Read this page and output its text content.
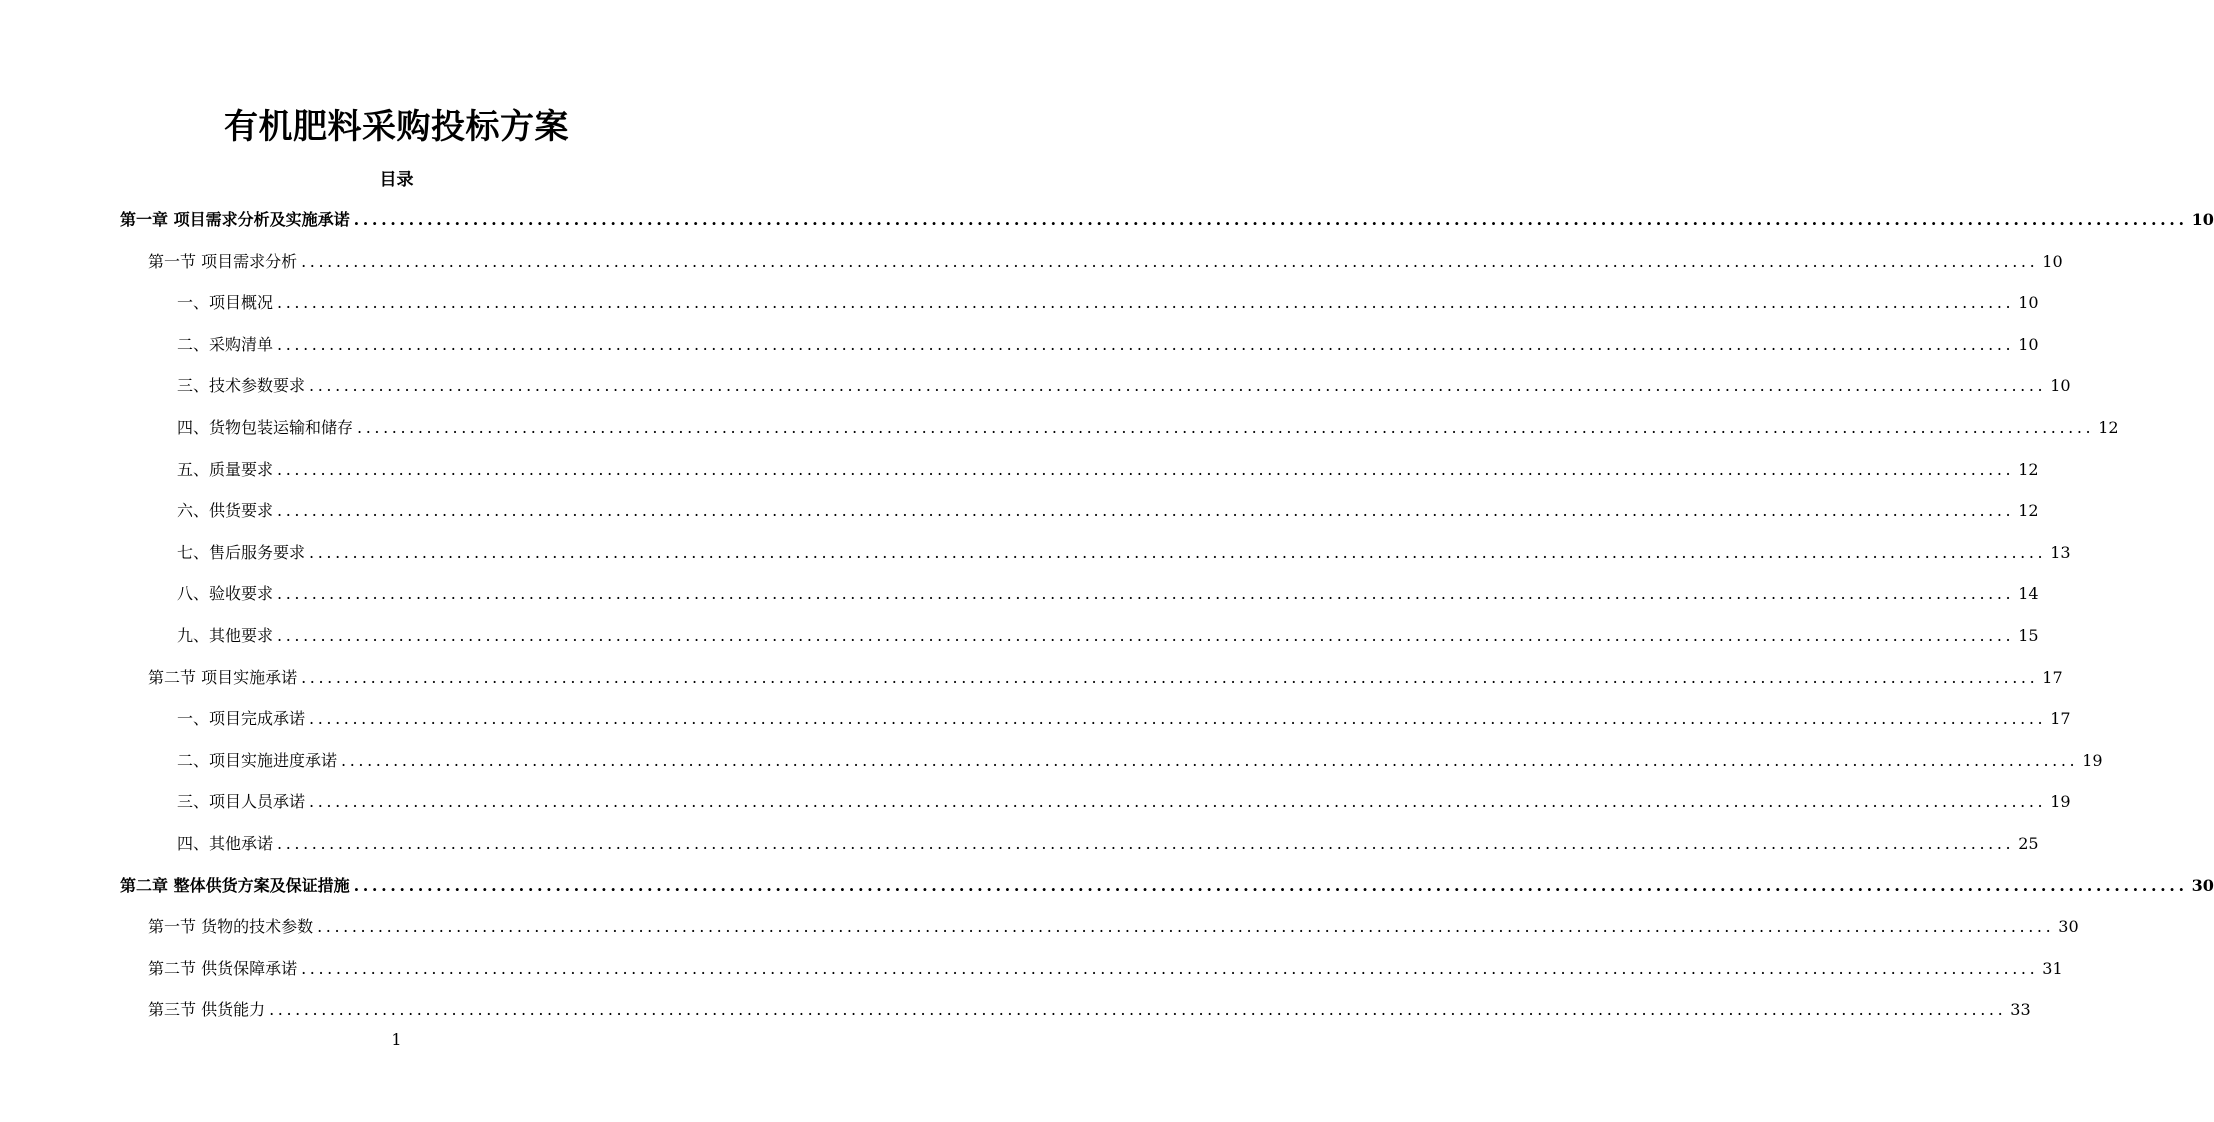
有机肥料采购投标方案
目录
第一章 项目需求分析及实施承诺 ........................................................................................................................................................................................................ 10
第一节 项目需求分析 ........................................................................................................................................................................................................ 10
一、项目概况 ........................................................................................................................................................................................................ 10
二、采购清单 ........................................................................................................................................................................................................ 10
三、技术参数要求 ........................................................................................................................................................................................................ 10
四、货物包装运输和储存 ........................................................................................................................................................................................................ 12
五、质量要求 ........................................................................................................................................................................................................ 12
六、供货要求 ........................................................................................................................................................................................................ 12
七、售后服务要求 ........................................................................................................................................................................................................ 13
八、验收要求 ........................................................................................................................................................................................................ 14
九、其他要求 ........................................................................................................................................................................................................ 15
第二节 项目实施承诺 ........................................................................................................................................................................................................ 17
一、项目完成承诺 ........................................................................................................................................................................................................ 17
二、项目实施进度承诺 ........................................................................................................................................................................................................ 19
三、项目人员承诺 ........................................................................................................................................................................................................ 19
四、其他承诺 ........................................................................................................................................................................................................ 25
第二章 整体供货方案及保证措施 ........................................................................................................................................................................................................ 30
第一节 货物的技术参数 ........................................................................................................................................................................................................ 30
第二节 供货保障承诺 ........................................................................................................................................................................................................ 31
第三节 供货能力 ........................................................................................................................................................................................................ 33
1
